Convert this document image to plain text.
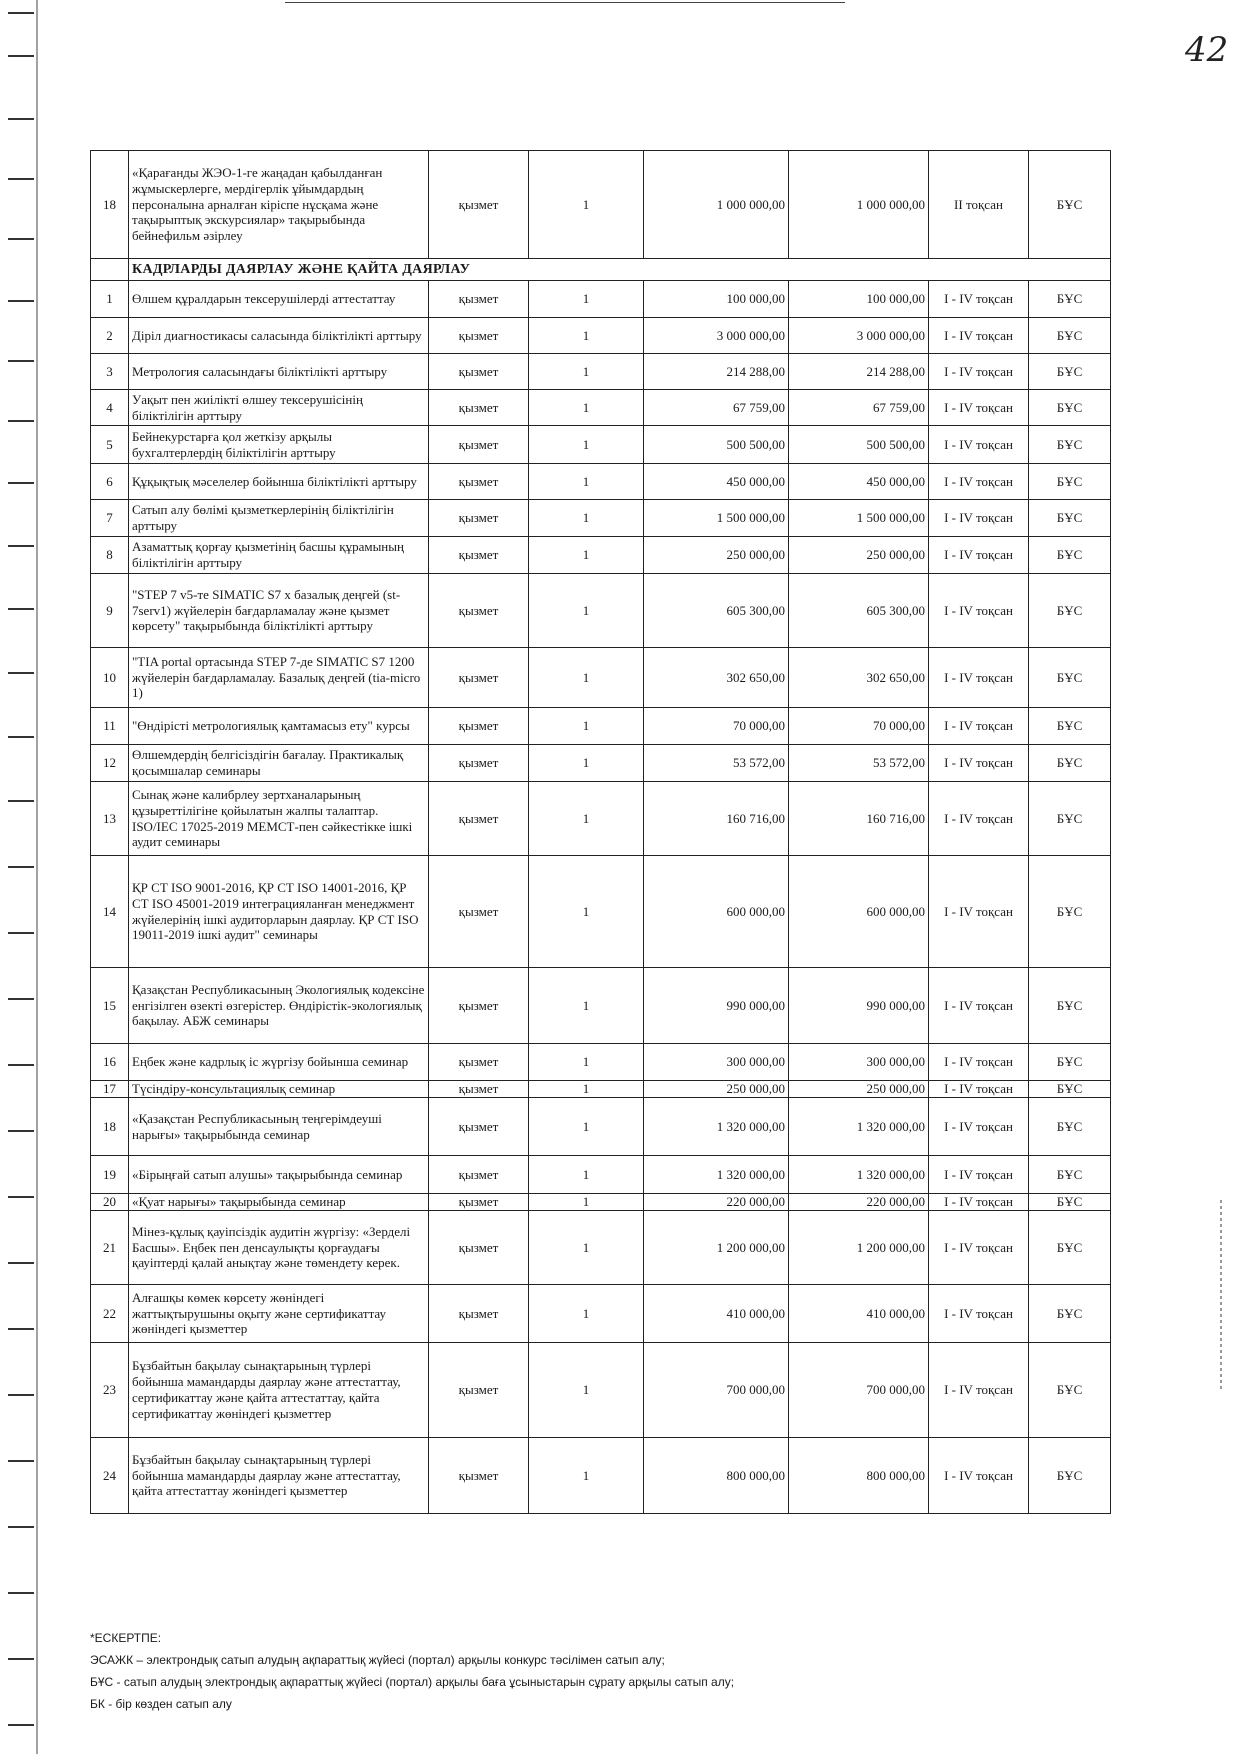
42
18	«Қарағанды ЖЭО-1-ге жаңадан қабылданған жұмыскерлерге, мердігерлік ұйымдардың персоналына арналған кіріспе нұсқама және тақырыптық экскурсиялар» тақырыбында бейнефильм әзірлеу	қызмет	1	1 000 000,00	1 000 000,00	II тоқсан	БҰС
	КАДРЛАРДЫ ДАЯРЛАУ ЖӘНЕ ҚАЙТА ДАЯРЛАУ						
1	Өлшем құралдарын тексерушілерді аттестаттау	қызмет	1	100 000,00	100 000,00	I - IV тоқсан	БҰС
2	Діріл диагностикасы саласында біліктілікті арттыру	қызмет	1	3 000 000,00	3 000 000,00	I - IV тоқсан	БҰС
3	Метрология саласындағы біліктілікті арттыру	қызмет	1	214 288,00	214 288,00	I - IV тоқсан	БҰС
4	Уақыт пен жиілікті өлшеу тексерушісінің біліктілігін арттыру	қызмет	1	67 759,00	67 759,00	I - IV тоқсан	БҰС
5	Бейнекурстарға қол жеткізу арқылы бухгалтерлердің біліктілігін арттыру	қызмет	1	500 500,00	500 500,00	I - IV тоқсан	БҰС
6	Құқықтық мәселелер бойынша біліктілікті арттыру	қызмет	1	450 000,00	450 000,00	I - IV тоқсан	БҰС
7	Сатып алу бөлімі қызметкерлерінің біліктілігін арттыру	қызмет	1	1 500 000,00	1 500 000,00	I - IV тоқсан	БҰС
8	Азаматтық қорғау қызметінің басшы құрамының біліктілігін арттыру	қызмет	1	250 000,00	250 000,00	I - IV тоқсан	БҰС
9	"STEP 7 v5-те SIMATIC S7 х базалық деңгей (st-7serv1) жүйелерін бағдарламалау және қызмет көрсету" тақырыбында біліктілікті арттыру	қызмет	1	605 300,00	605 300,00	I - IV тоқсан	БҰС
10	"TIA portal ортасында STEP 7-де SIMATIC S7 1200 жүйелерін бағдарламалау. Базалық деңгей (tia-micro 1)	қызмет	1	302 650,00	302 650,00	I - IV тоқсан	БҰС
11	"Өндірісті метрологиялық қамтамасыз ету" курсы	қызмет	1	70 000,00	70 000,00	I - IV тоқсан	БҰС
12	Өлшемдердің белгісіздігін бағалау. Практикалық қосымшалар семинары	қызмет	1	53 572,00	53 572,00	I - IV тоқсан	БҰС
13	Сынақ және калибрлеу зертханаларының құзыреттілігіне қойылатын жалпы талаптар. ISO/IEC 17025-2019 МЕМСТ-пен сәйкестікке ішкі аудит семинары	қызмет	1	160 716,00	160 716,00	I - IV тоқсан	БҰС
14	ҚР СТ ISO 9001-2016, ҚР СТ ISO 14001-2016, ҚР СТ ISO 45001-2019 интеграцияланған менеджмент жүйелерінің ішкі аудиторларын даярлау. ҚР СТ ISO 19011-2019 ішкі аудит" семинары	қызмет	1	600 000,00	600 000,00	I - IV тоқсан	БҰС
15	Қазақстан Республикасының Экологиялық кодексіне енгізілген өзекті өзгерістер. Өндірістік-экологиялық бақылау. АБЖ семинары	қызмет	1	990 000,00	990 000,00	I - IV тоқсан	БҰС
16	Еңбек және кадрлық іс жүргізу бойынша семинар	қызмет	1	300 000,00	300 000,00	I - IV тоқсан	БҰС
17	Түсіндіру-консультациялық семинар	қызмет	1	250 000,00	250 000,00	I - IV тоқсан	БҰС
18	«Қазақстан Республикасының теңгерімдеуші нарығы» тақырыбында семинар	қызмет	1	1 320 000,00	1 320 000,00	I - IV тоқсан	БҰС
19	«Бірыңғай сатып алушы» тақырыбында семинар	қызмет	1	1 320 000,00	1 320 000,00	I - IV тоқсан	БҰС
20	«Қуат нарығы» тақырыбында семинар	қызмет	1	220 000,00	220 000,00	I - IV тоқсан	БҰС
21	Мінез-құлық қауіпсіздік аудитін жүргізу: «Зерделі Басшы». Еңбек пен денсаулықты қорғаудағы қауіптерді қалай анықтау және төмендету керек.	қызмет	1	1 200 000,00	1 200 000,00	I - IV тоқсан	БҰС
22	Алғашқы көмек көрсету жөніндегі жаттықтырушыны оқыту және сертификаттау жөніндегі қызметтер	қызмет	1	410 000,00	410 000,00	I - IV тоқсан	БҰС
23	Бұзбайтын бақылау сынақтарының түрлері бойынша мамандарды даярлау және аттестаттау, сертификаттау және қайта аттестаттау, қайта сертификаттау жөніндегі қызметтер	қызмет	1	700 000,00	700 000,00	I - IV тоқсан	БҰС
24	Бұзбайтын бақылау сынақтарының түрлері бойынша мамандарды даярлау және аттестаттау, қайта аттестаттау жөніндегі қызметтер	қызмет	1	800 000,00	800 000,00	I - IV тоқсан	БҰС
*ЕСКЕРТПЕ:
ЭСАЖК – электрондық сатып алудың ақпараттық жүйесі (портал) арқылы конкурс тәсілімен сатып алу;
БҰС - сатып алудың электрондық ақпараттық жүйесі (портал) арқылы баға ұсыныстарын сұрату арқылы сатып алу;
БК - бір көзден сатып алу
